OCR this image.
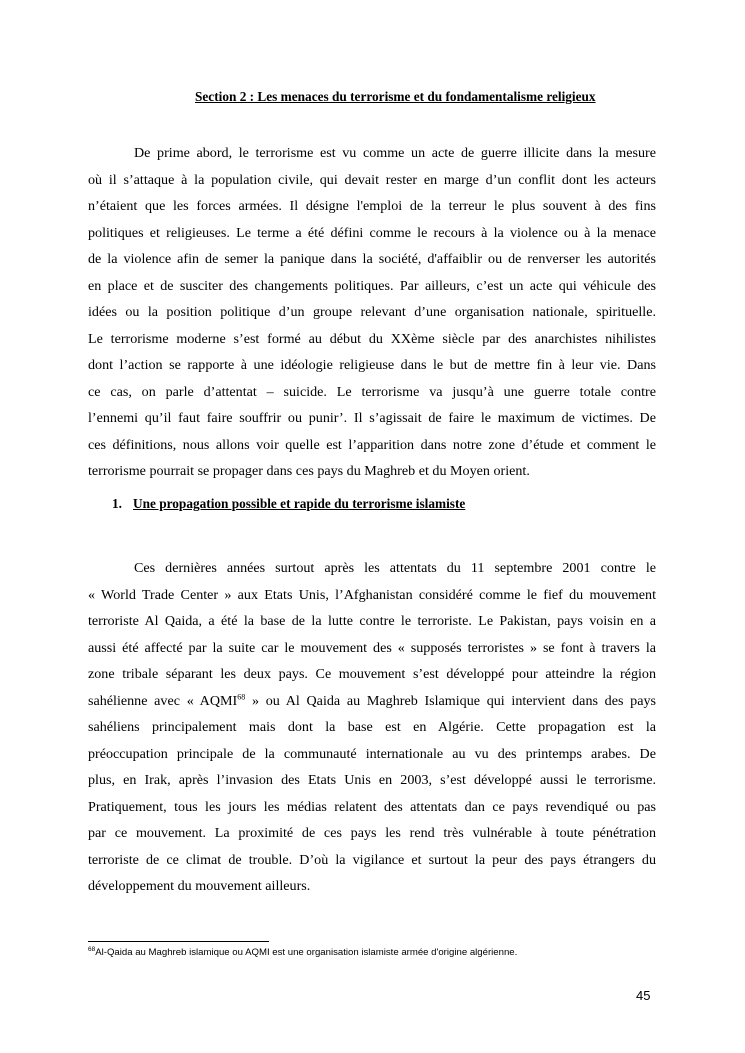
Section 2 : Les menaces du terrorisme et du fondamentalisme religieux

De prime abord, le terrorisme est vu comme un acte de guerre illicite dans la mesure
où il s’attaque à la population civile, qui devait rester en marge d’un conflit dont les acteurs
n’étaient que les forces armées. Il désigne l'emploi de la terreur le plus souvent à des fins
politiques et religieuses. Le terme a été défini comme le recours à la violence ou à la menace
de la violence afin de semer la panique dans la société, d'affaiblir ou de renverser les autorités
en place et de susciter des changements politiques. Par ailleurs, c’est un acte qui véhicule des
idées ou la position politique d’un groupe relevant d’une organisation nationale, spirituelle.
Le terrorisme moderne s’est formé au début du XXème siècle par des anarchistes nihilistes
dont l’action se rapporte à une idéologie religieuse dans le but de mettre fin à leur vie. Dans
ce cas, on parle d’attentat – suicide. Le terrorisme va jusqu’à une guerre totale contre
l’ennemi qu’il faut faire souffrir ou punir’. Il s’agissait de faire le maximum de victimes. De
ces définitions, nous allons voir quelle est l’apparition dans notre zone d’étude et comment le
terrorisme pourrait se propager dans ces pays du Maghreb et du Moyen orient.

1. Une propagation possible et rapide du terrorisme islamiste

Ces dernières années surtout après les attentats du 11 septembre 2001 contre le
« World Trade Center » aux Etats Unis, l’Afghanistan considéré comme le fief du mouvement
terroriste Al Qaida, a été la base de la lutte contre le terroriste. Le Pakistan, pays voisin en a
aussi été affecté par la suite car le mouvement des « supposés terroristes » se font à travers la
zone tribale séparant les deux pays. Ce mouvement s’est développé pour atteindre la région
sahélienne avec « AQMI$^{68}$ » ou Al Qaida au Maghreb Islamique qui intervient dans des pays
sahéliens principalement mais dont la base est en Algérie. Cette propagation est la
préoccupation principale de la communauté internationale au vu des printemps arabes. De
plus, en Irak, après l’invasion des Etats Unis en 2003, s’est développé aussi le terrorisme.
Pratiquement, tous les jours les médias relatent des attentats dan ce pays revendiqué ou pas
par ce mouvement. La proximité de ces pays les rend très vulnérable à toute pénétration
terroriste de ce climat de trouble. D’où la vigilance et surtout la peur des pays étrangers du
développement du mouvement ailleurs.

$^{68}$Al-Qaida au Maghreb islamique ou AQMI est une organisation islamiste armée d'origine algérienne.

45
